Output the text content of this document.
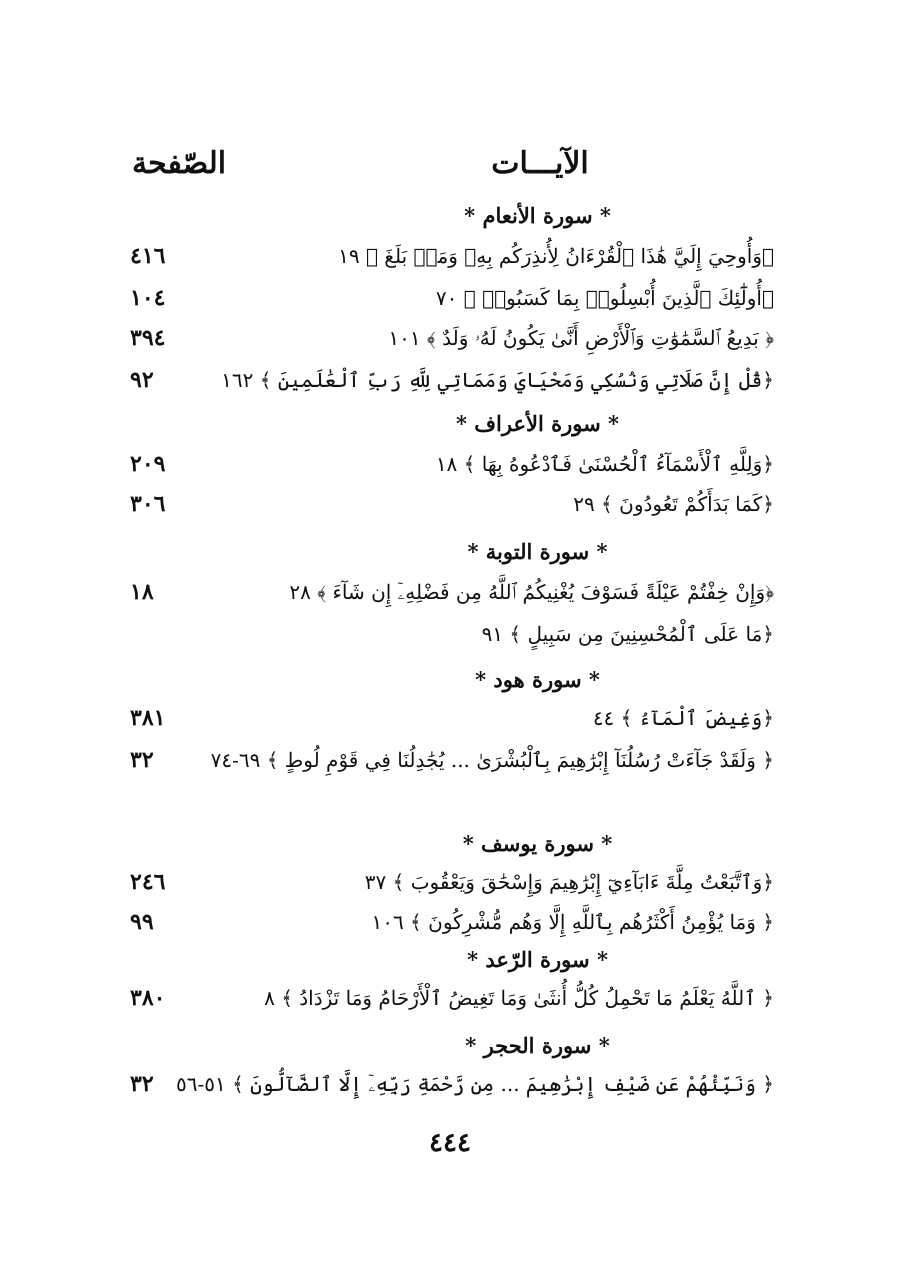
الآيـــات
الصّفحة
* سورة الأنعام *
﴿وَأُوحِيَ إِلَيَّ هَٰذَا ٱلْقُرْءَانُ لِأُنذِرَكُم بِهِۦ وَمَنۢ بَلَغَ ﴾ ١٩
٤١٦
﴿أُولَٰٓئِكَ ٱلَّذِينَ أُبْسِلُوا۟ بِمَا كَسَبُوا۟ ﴾ ٧٠
١٠٤
﴿ بَدِيعُ ٱلسَّمَٰوَٰتِ وَٱلْأَرْضِ أَنَّىٰ يَكُونُ لَهُۥ وَلَدٌ ﴾ ١٠١
٣٩٤
﴿قُلْ إِنَّ صَلَاتِي وَنُسُكِي وَمَحْيَايَ وَمَمَاتِي لِلَّهِ رَبِّ ٱلْعَٰلَمِينَ ﴾ ١٦٢
٩٢
* سورة الأعراف *
﴿وَلِلَّهِ ٱلْأَسْمَآءُ ٱلْحُسْنَىٰ فَٱدْعُوهُ بِهَا ﴾ ١٨
٢٠٩
﴿كَمَا بَدَأَكُمْ تَعُودُونَ ﴾ ٢٩
٣٠٦
* سورة التوبة *
﴿وَإِنْ خِفْتُمْ عَيْلَةً فَسَوْفَ يُغْنِيكُمُ ٱللَّهُ مِن فَضْلِهِۦٓ إِن شَآءَ ﴾ ٢٨
١٨
﴿مَا عَلَى ٱلْمُحْسِنِينَ مِن سَبِيلٍ ﴾ ٩١
* سورة هود *
﴿وَغِيضَ ٱلْمَآءُ ﴾ ٤٤
٣٨١
﴿ وَلَقَدْ جَآءَتْ رُسُلُنَآ إِبْرَٰهِيمَ بِٱلْبُشْرَىٰ ... يُجَٰدِلُنَا فِي قَوْمِ لُوطٍ ﴾ ٦٩-٧٤
٣٢
* سورة يوسف *
﴿وَٱتَّبَعْتُ مِلَّةَ ءَابَآءِيٓ إِبْرَٰهِيمَ وَإِسْحَٰقَ وَيَعْقُوبَ ﴾ ٣٧
٢٤٦
﴿ وَمَا يُؤْمِنُ أَكْثَرُهُم بِٱللَّهِ إِلَّا وَهُم مُّشْرِكُونَ ﴾ ١٠٦
٩٩
* سورة الرّعد *
﴿ ٱللَّهُ يَعْلَمُ مَا تَحْمِلُ كُلُّ أُنثَىٰ وَمَا تَغِيضُ ٱلْأَرْحَامُ وَمَا تَزْدَادُ ﴾ ٨
٣٨٠
* سورة الحجر *
﴿ وَنَبِّئْهُمْ عَن ضَيْفِ إِبْرَٰهِيمَ ... مِن رَّحْمَةِ رَبِّهِۦٓ إِلَّا ٱلضَّآلُّونَ ﴾ ٥١-٥٦
٣٢
٤٤٤
